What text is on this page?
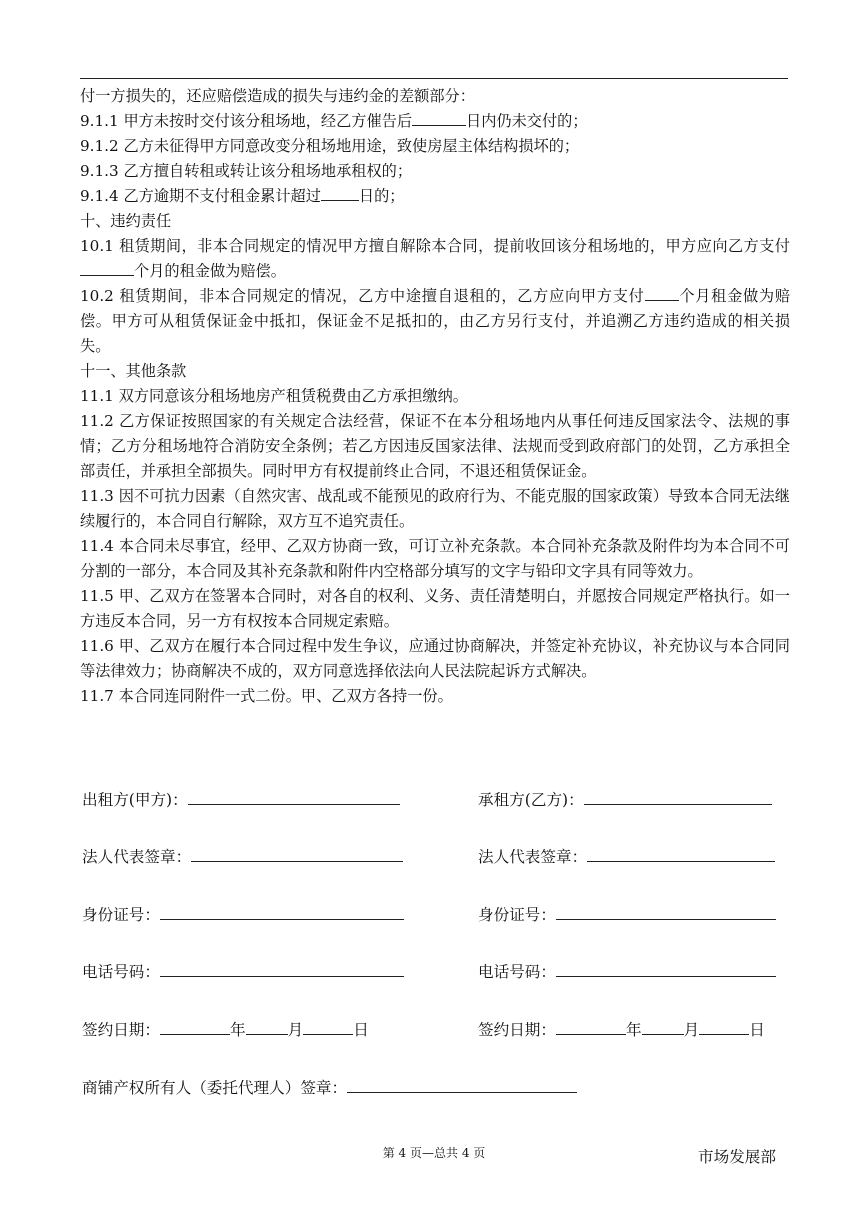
付一方损失的，还应赔偿造成的损失与违约金的差额部分：

9.1.1 甲方未按时交付该分租场地，经乙方催告后	日内仍未交付的；

9.1.2 乙方未征得甲方同意改变分租场地用途，致使房屋主体结构损坏的；

9.1.3 乙方擅自转租或转让该分租场地承租权的；

9.1.4 乙方逾期不支付租金累计超过	日的；

十、违约责任

10.1 租赁期间，非本合同规定的情况甲方擅自解除本合同，提前收回该分租场地的，甲方应向乙方支付个月的租金做为赔偿。

10.2 租赁期间，非本合同规定的情况，乙方中途擅自退租的，乙方应向甲方支付 个月租金做为赔偿。甲方可从租赁保证金中抵扣，保证金不足抵扣的，由乙方另行支付，并追溯乙方违约造成的相关损失。

十一、其他条款

11.1 双方同意该分租场地房产租赁税费由乙方承担缴纳。

11.2 乙方保证按照国家的有关规定合法经营，保证不在本分租场地内从事任何违反国家法令、法规的事情；乙方分租场地符合消防安全条例；若乙方因违反国家法律、法规而受到政府部门的处罚，乙方承担全部责任，并承担全部损失。同时甲方有权提前终止合同，不退还租赁保证金。

11.3 因不可抗力因素（自然灾害、战乱或不能预见的政府行为、不能克服的国家政策）导致本合同无法继续履行的，本合同自行解除，双方互不追究责任。

11.4 本合同未尽事宜，经甲、乙双方协商一致，可订立补充条款。本合同补充条款及附件均为本合同不可分割的一部分，本合同及其补充条款和附件内空格部分填写的文字与铅印文字具有同等效力。

11.5 甲、乙双方在签署本合同时，对各自的权利、义务、责任清楚明白，并愿按合同规定严格执行。如一方违反本合同，另一方有权按本合同规定索赔。

11.6 甲、乙双方在履行本合同过程中发生争议，应通过协商解决，并签定补充协议，补充协议与本合同同等法律效力；协商解决不成的，双方同意选择依法向人民法院起诉方式解决。

11.7 本合同连同附件一式二份。甲、乙双方各持一份。

出租方(甲方)：	承租方(乙方)：
法人代表签章：	法人代表签章：
身份证号：	身份证号：
电话号码：	电话号码：
签约日期：	年	月	日	签约日期：	年	月	日
商铺产权所有人（委托代理人）签章：
第 4 页—总共 4 页	市场发展部
